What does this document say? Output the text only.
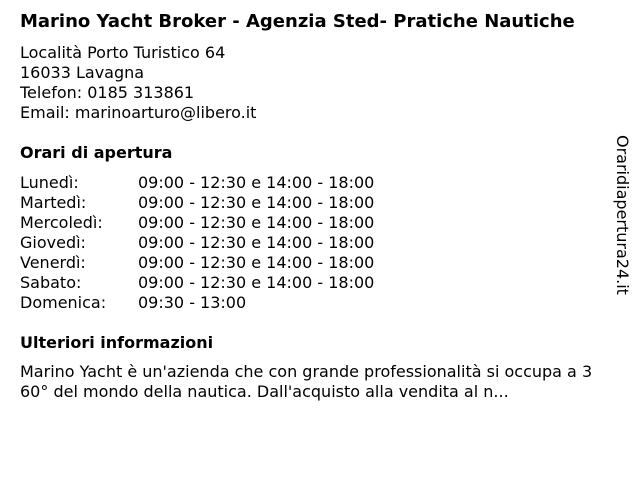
Marino Yacht Broker - Agenzia Sted- Pratiche Nautiche
Località Porto Turistico 64
16033 Lavagna
Telefon: 0185 313861
Email: marinoarturo@libero.it
Orari di apertura
Lunedì:	09:00 - 12:30 e 14:00 - 18:00
Martedì:	09:00 - 12:30 e 14:00 - 18:00
Mercoledì:	09:00 - 12:30 e 14:00 - 18:00
Giovedì:	09:00 - 12:30 e 14:00 - 18:00
Venerdì:	09:00 - 12:30 e 14:00 - 18:00
Sabato:	09:00 - 12:30 e 14:00 - 18:00
Domenica:	09:30 - 13:00
Ulteriori informazioni
Marino Yacht è un'azienda che con grande professionalità si occupa a 360° del mondo della nautica. Dall'acquisto alla vendita al n...
Oraridiapertura24.it
